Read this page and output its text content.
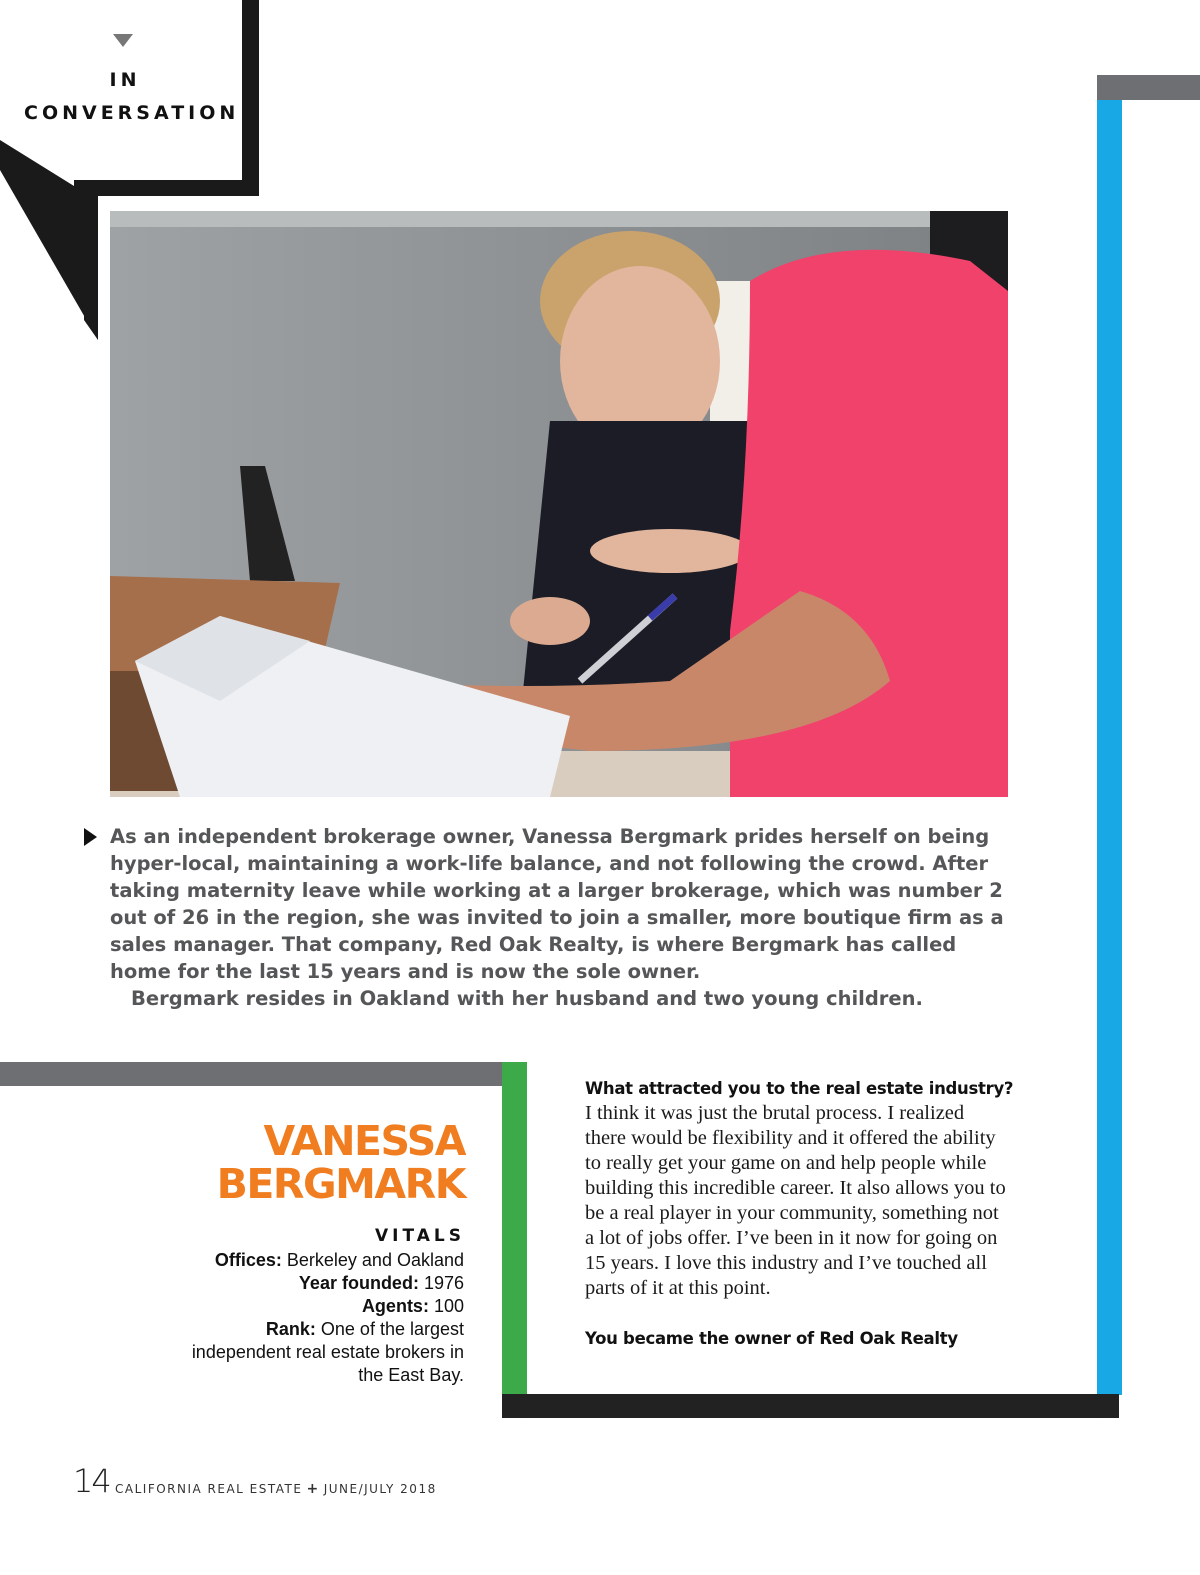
IN
CONVERSATION

As an independent brokerage owner, Vanessa Bergmark prides herself on being hyper-local, maintaining a work-life balance, and not following the crowd. After taking maternity leave while working at a larger brokerage, which was number 2 out of 26 in the region, she was invited to join a smaller, more boutique firm as a sales manager. That company, Red Oak Realty, is where Bergmark has called home for the last 15 years and is now the sole owner.

Bergmark resides in Oakland with her husband and two young children.

VANESSA
BERGMARK
VITALS

Offices: Berkeley and Oakland

Year founded: 1976

Agents: 100

Rank: One of the largest independent real estate brokers in the East Bay.

What attracted you to the real estate industry?

I think it was just the brutal process. I realized there would be flexibility and it offered the ability to really get your game on and help people while building this incredible career. It also allows you to be a real player in your community, something not a lot of jobs offer. I’ve been in it now for going on 15 years. I love this industry and I’ve touched all parts of it at this point.

You became the owner of Red Oak Realty

14 CALIFORNIA REAL ESTATE + JUNE/JULY 2018
